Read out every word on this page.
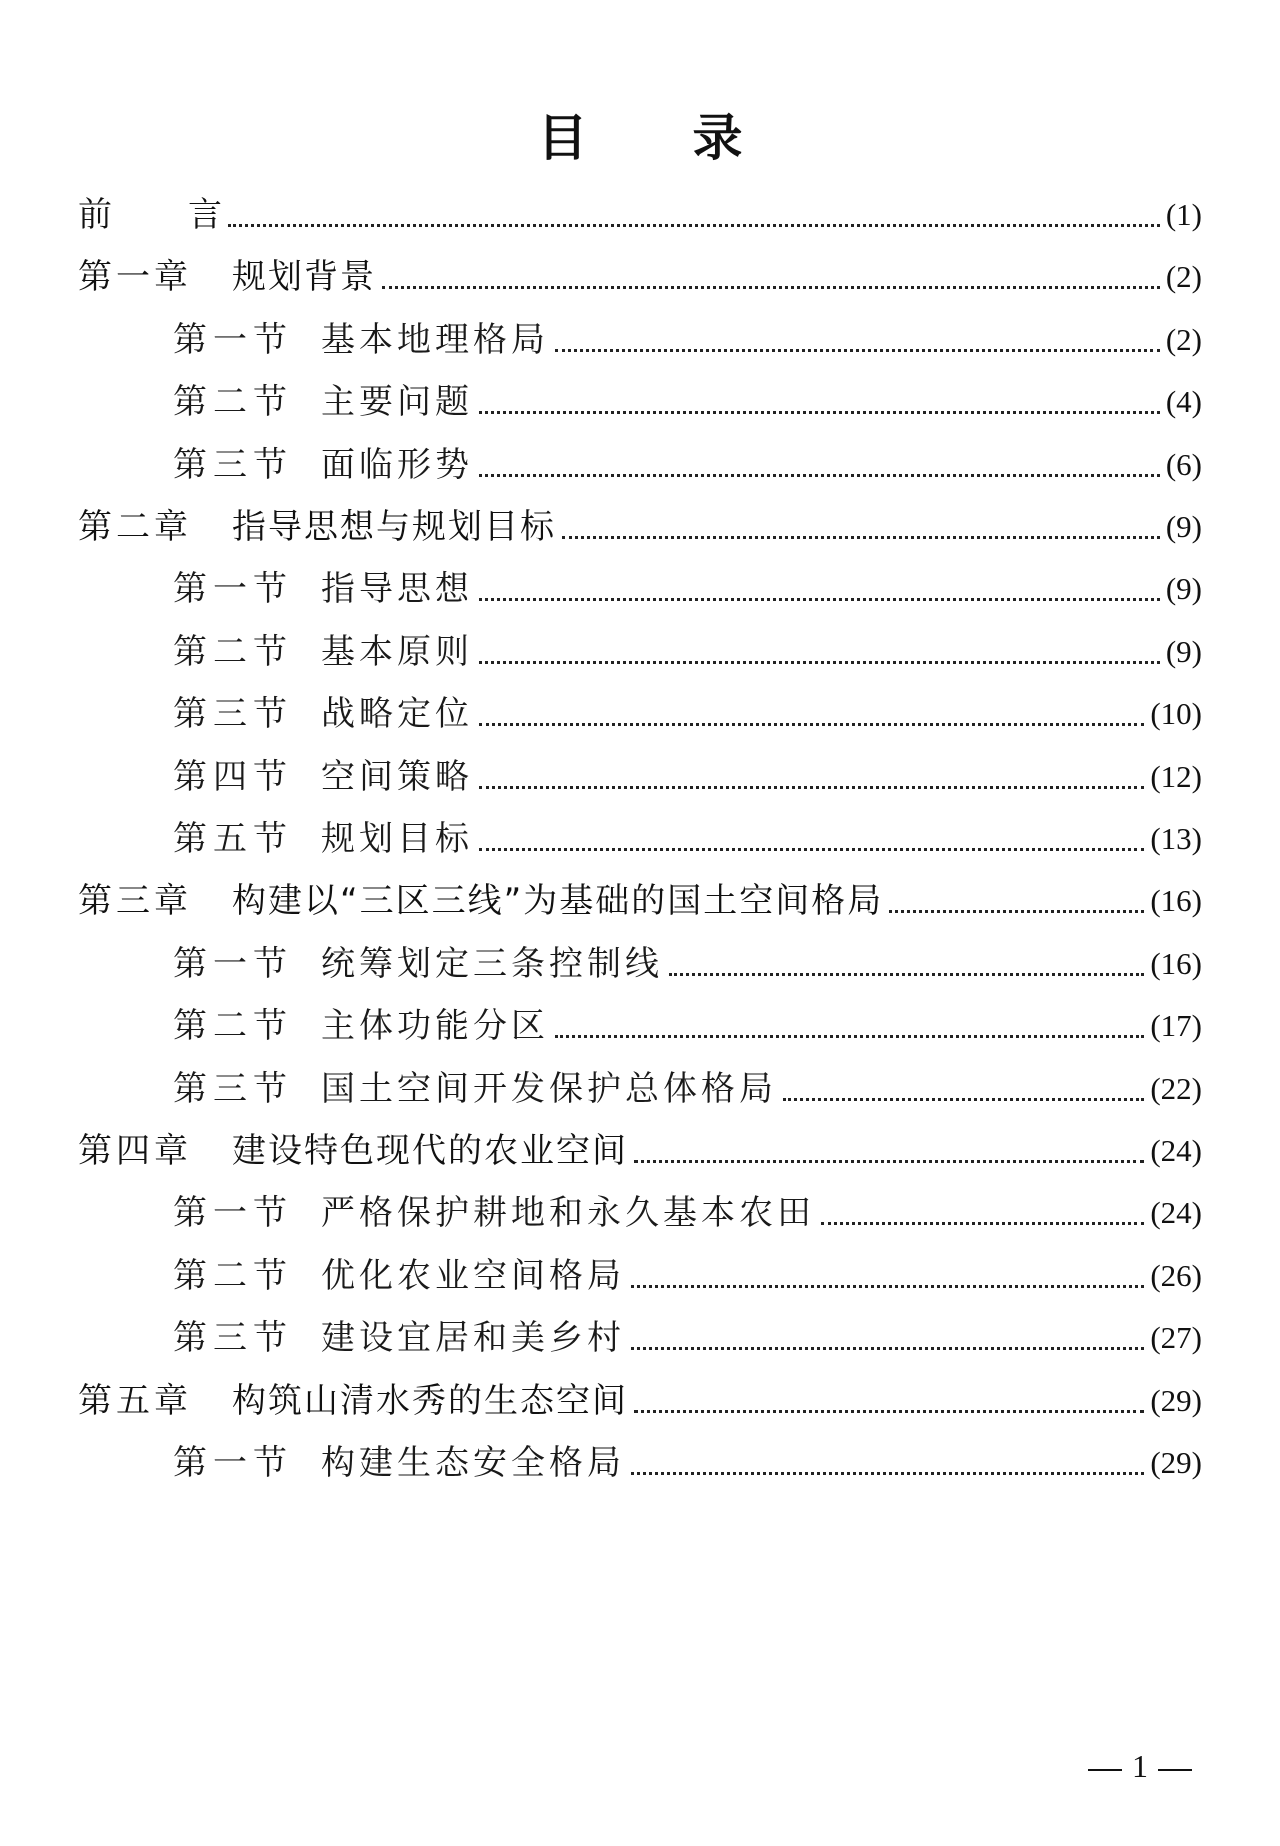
目 录
前 言	(1)
第一章 规划背景	(2)
第一节 基本地理格局	(2)
第二节 主要问题	(4)
第三节 面临形势	(6)
第二章 指导思想与规划目标	(9)
第一节 指导思想	(9)
第二节 基本原则	(9)
第三节 战略定位	(10)
第四节 空间策略	(12)
第五节 规划目标	(13)
第三章 构建以“三区三线”为基础的国土空间格局	(16)
第一节 统筹划定三条控制线	(16)
第二节 主体功能分区	(17)
第三节 国土空间开发保护总体格局	(22)
第四章 建设特色现代的农业空间	(24)
第一节 严格保护耕地和永久基本农田	(24)
第二节 优化农业空间格局	(26)
第三节 建设宜居和美乡村	(27)
第五章 构筑山清水秀的生态空间	(29)
第一节 构建生态安全格局	(29)
1
